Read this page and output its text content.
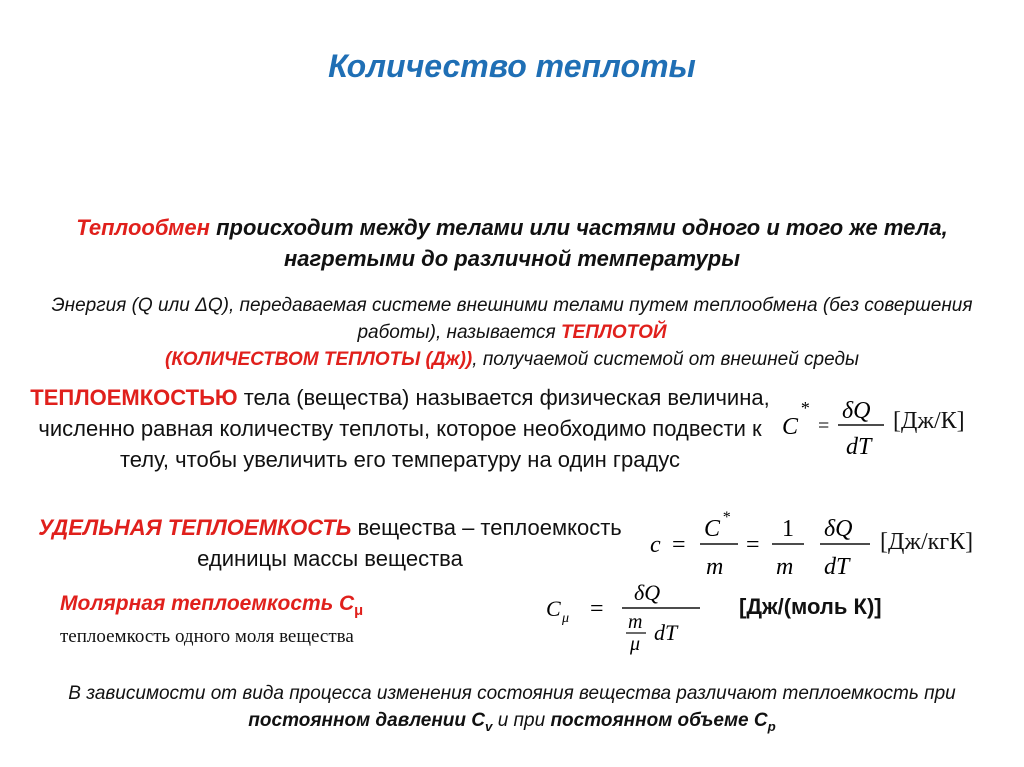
Количество теплоты
Теплообмен происходит между телами или частями одного и того же тела, нагретыми до различной температуры
Энергия (Q или ΔQ), передаваемая системе внешними телами путем теплообмена (без совершения работы), называется ТЕПЛОТОЙ
(КОЛИЧЕСТВОМ ТЕПЛОТЫ (Дж)), получаемой системой от внешней среды
ТЕПЛОЕМКОСТЬЮ тела (вещества) называется физическая величина, численно равная количеству теплоты, которое необходимо подвести к телу, чтобы увеличить его температуру на один градус
УДЕЛЬНАЯ ТЕПЛОЕМКОСТЬ вещества – теплоемкость единицы массы вещества
Молярная теплоемкость $C_\mu$
теплоемкость одного моля вещества
В зависимости от вида процесса изменения состояния вещества различают теплоемкость при постоянном давлении $C_v$ и при постоянном объеме $C_p$
C
*
=
δQ
dT
[Дж/К]
c =
C *
m
=
1
m
δQ
dT
[Дж/кгК]
C μ =
δQ
m
μ dT
[Дж/(моль К)]
